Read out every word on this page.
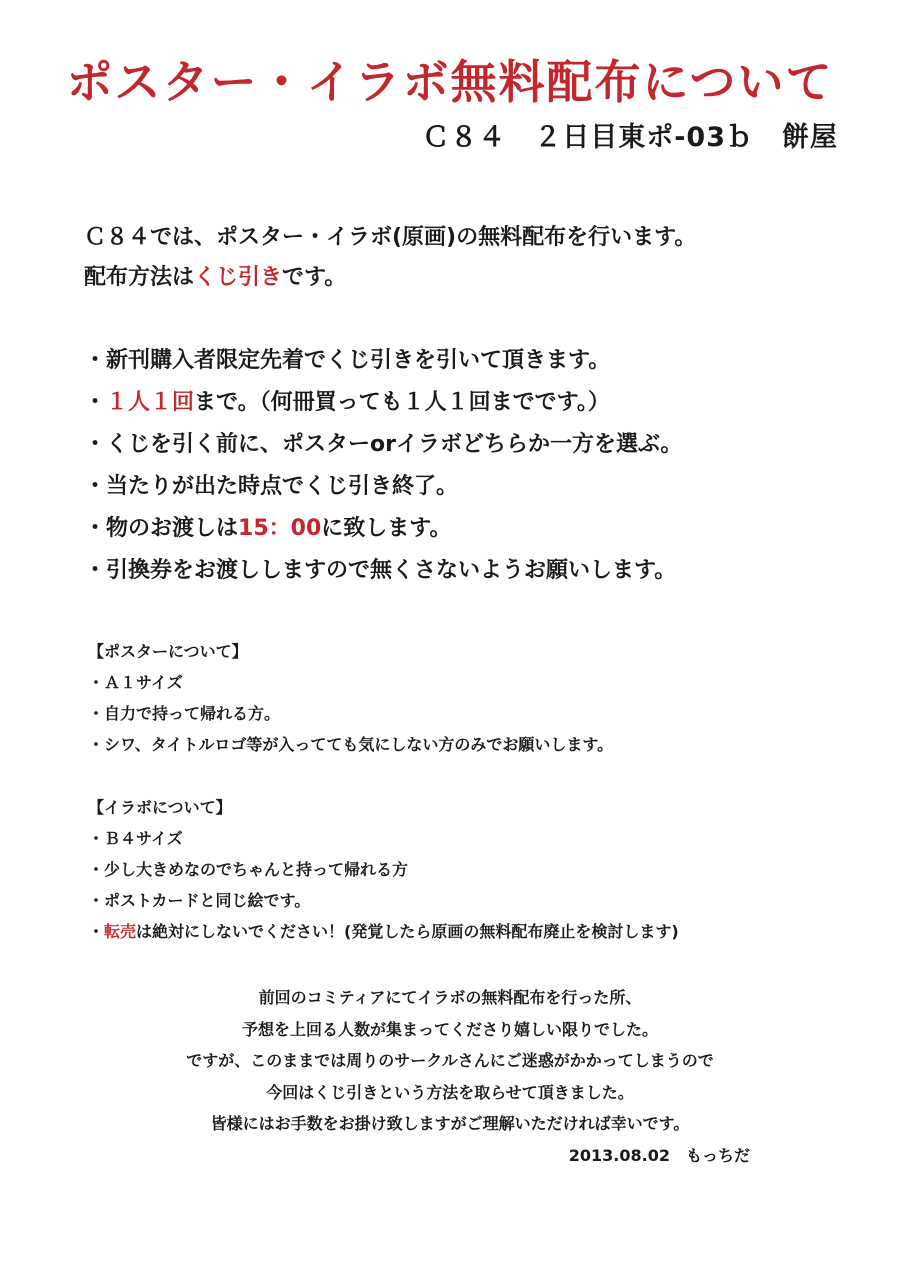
ポスター・イラボ無料配布について
Ｃ８４　２日目東ポ-03ｂ　餅屋
Ｃ８４では、ポスター・イラボ(原画)の無料配布を行います。
配布方法はくじ引きです。
・新刊購入者限定先着でくじ引きを引いて頂きます。
・１人１回まで。（何冊買っても１人１回までです。）
・くじを引く前に、ポスターorイラボどちらか一方を選ぶ。
・当たりが出た時点でくじ引き終了。
・物のお渡しは15：00に致します。
・引換券をお渡ししますので無くさないようお願いします。
【ポスターについて】
・Ａ１サイズ
・自力で持って帰れる方。
・シワ、タイトルロゴ等が入ってても気にしない方のみでお願いします。
【イラボについて】
・Ｂ４サイズ
・少し大きめなのでちゃんと持って帰れる方
・ポストカードと同じ絵です。
・転売は絶対にしないでください！(発覚したら原画の無料配布廃止を検討します)

前回のコミティアにてイラボの無料配布を行った所、

予想を上回る人数が集まってくださり嬉しい限りでした。

ですが、このままでは周りのサークルさんにご迷惑がかかってしまうので

今回はくじ引きという方法を取らせて頂きました。

皆様にはお手数をお掛け致しますがご理解いただければ幸いです。

2013.08.02　もっちだ
